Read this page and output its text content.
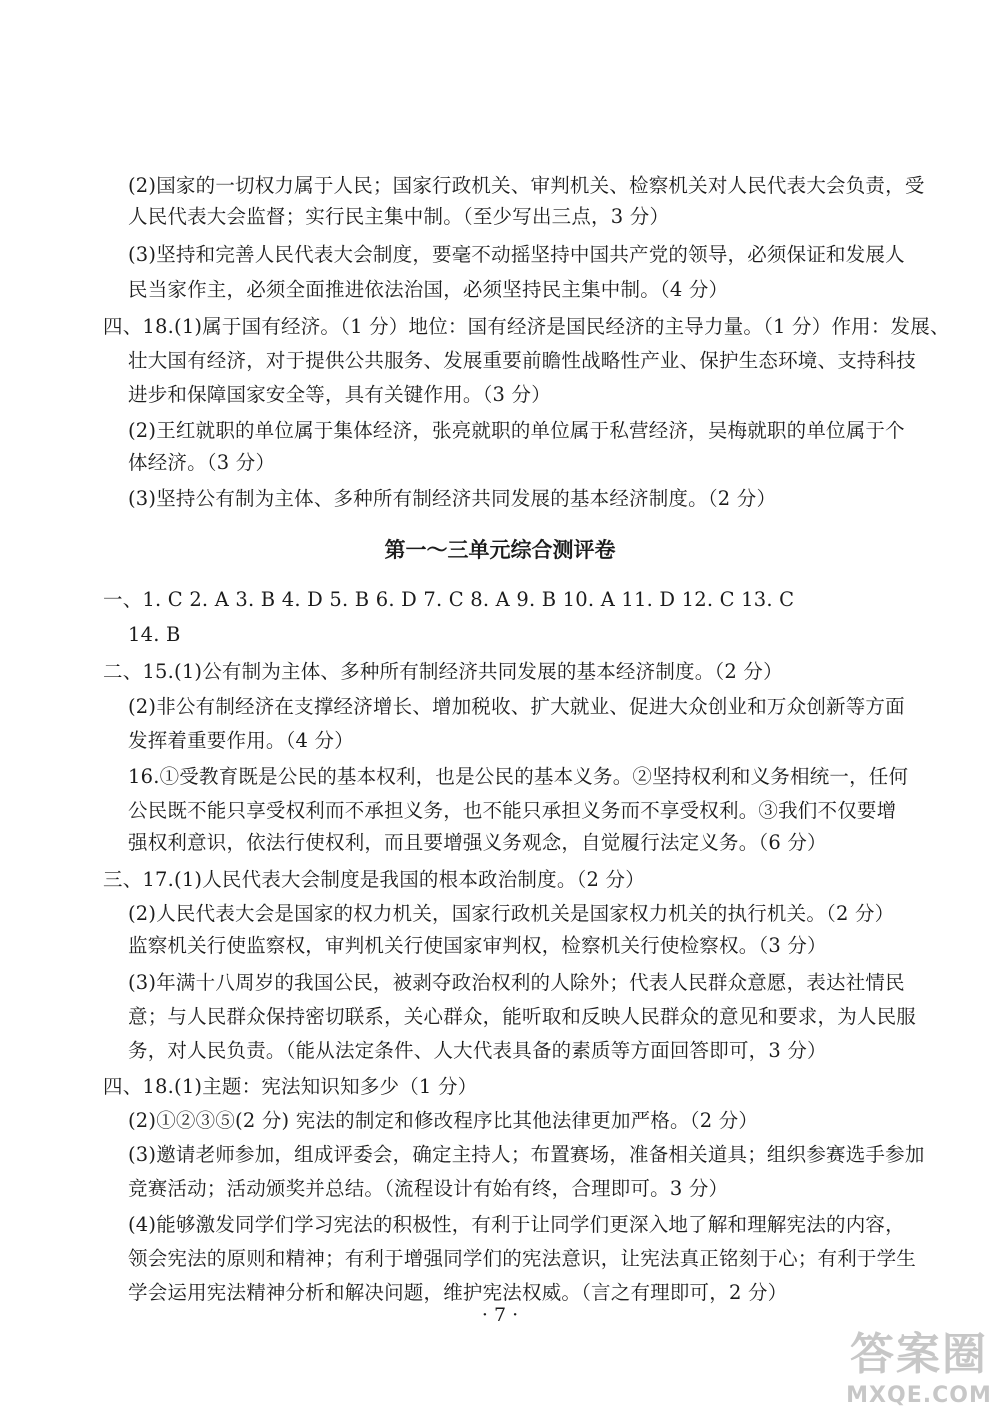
(2)国家的一切权力属于人民；国家行政机关、审判机关、检察机关对人民代表大会负责，受
人民代表大会监督；实行民主集中制。（至少写出三点，3 分）
(3)坚持和完善人民代表大会制度，要毫不动摇坚持中国共产党的领导，必须保证和发展人
民当家作主，必须全面推进依法治国，必须坚持民主集中制。（4 分）
四、18.(1)属于国有经济。（1 分）地位：国有经济是国民经济的主导力量。（1 分）作用：发展、
壮大国有经济，对于提供公共服务、发展重要前瞻性战略性产业、保护生态环境、支持科技
进步和保障国家安全等，具有关键作用。（3 分）
(2)王红就职的单位属于集体经济，张亮就职的单位属于私营经济，吴梅就职的单位属于个
体经济。（3 分）
(3)坚持公有制为主体、多种所有制经济共同发展的基本经济制度。（2 分）
第一～三单元综合测评卷
一、1. C 2. A 3. B 4. D 5. B 6. D 7. C 8. A 9. B 10. A 11. D 12. C 13. C
14. B
二、15.(1)公有制为主体、多种所有制经济共同发展的基本经济制度。（2 分）
(2)非公有制经济在支撑经济增长、增加税收、扩大就业、促进大众创业和万众创新等方面
发挥着重要作用。（4 分）
16.①受教育既是公民的基本权利，也是公民的基本义务。②坚持权利和义务相统一，任何
公民既不能只享受权利而不承担义务，也不能只承担义务而不享受权利。③我们不仅要增
强权利意识，依法行使权利，而且要增强义务观念，自觉履行法定义务。（6 分）
三、17.(1)人民代表大会制度是我国的根本政治制度。（2 分）
(2)人民代表大会是国家的权力机关，国家行政机关是国家权力机关的执行机关。（2 分）
监察机关行使监察权，审判机关行使国家审判权，检察机关行使检察权。（3 分）
(3)年满十八周岁的我国公民，被剥夺政治权利的人除外；代表人民群众意愿，表达社情民
意；与人民群众保持密切联系，关心群众，能听取和反映人民群众的意见和要求，为人民服
务，对人民负责。（能从法定条件、人大代表具备的素质等方面回答即可，3 分）
四、18.(1)主题：宪法知识知多少（1 分）
(2)①②③⑤(2 分) 宪法的制定和修改程序比其他法律更加严格。（2 分）
(3)邀请老师参加，组成评委会，确定主持人；布置赛场，准备相关道具；组织参赛选手参加
竞赛活动；活动颁奖并总结。（流程设计有始有终，合理即可。3 分）
(4)能够激发同学们学习宪法的积极性，有利于让同学们更深入地了解和理解宪法的内容，
领会宪法的原则和精神；有利于增强同学们的宪法意识，让宪法真正铭刻于心；有利于学生
学会运用宪法精神分析和解决问题，维护宪法权威。（言之有理即可，2 分）
· 7 ·
答案圈
MXQE.COM
